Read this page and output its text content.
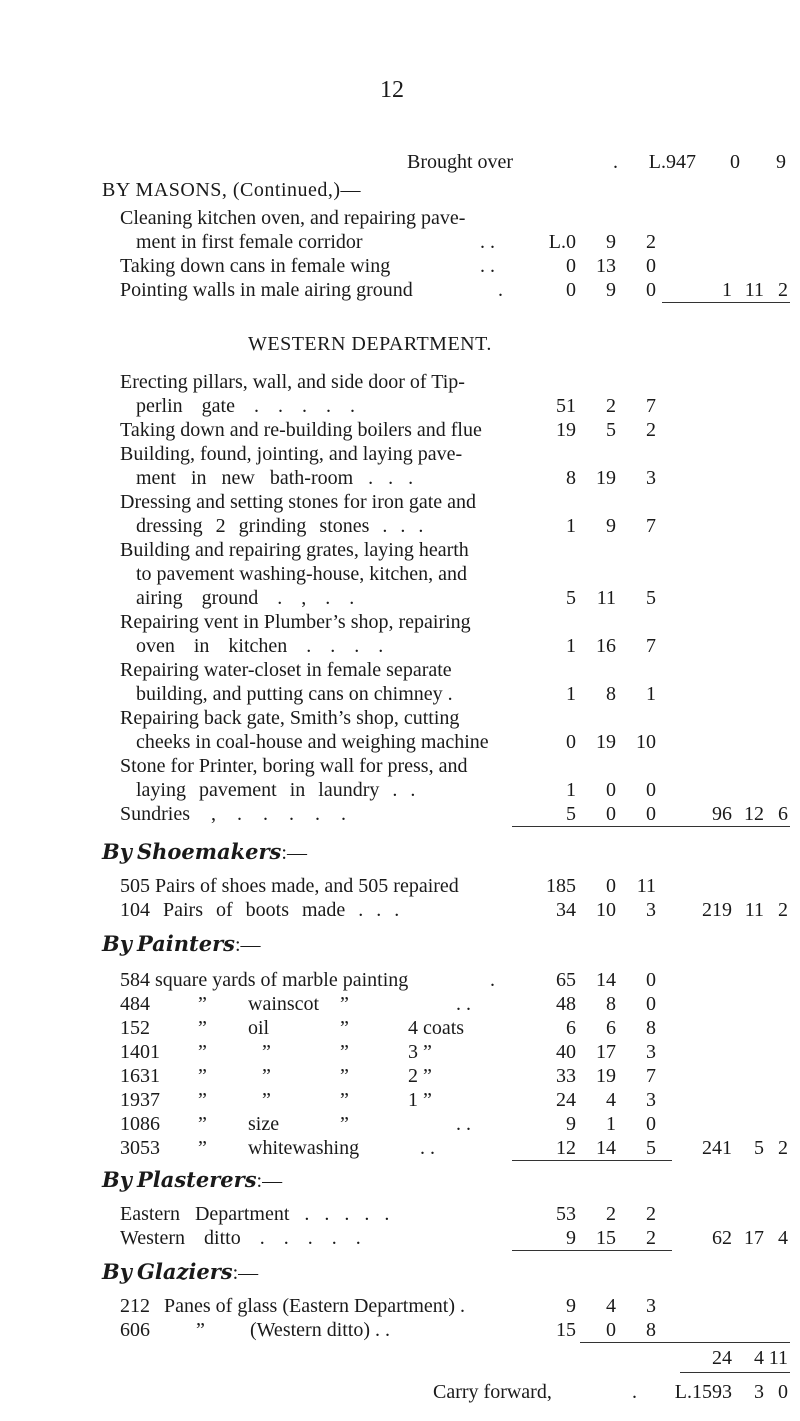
12
Brought over	.	L.947	0	9
BY MASONS, (Continued,)—
Cleaning kitchen oven, and repairing pave-
ment in first female corridor	. .	L.0	9	2
Taking down cans in female wing	. .	0	13	0
Pointing walls in male airing ground	.	0	9	0	1 11 2
WESTERN DEPARTMENT.
Erecting pillars, wall, and side door of Tip-
perlin gate . . . . .	51	2	7
Taking down and re-building boilers and flue	19	5	2
Building, found, jointing, and laying pave-
ment in new bath-room . . .	8	19	3
Dressing and setting stones for iron gate and
dressing 2 grinding stones . . .	1	9	7
Building and repairing grates, laying hearth
to pavement washing-house, kitchen, and
airing ground . , . .	5	11	5
Repairing vent in Plumber’s shop, repairing
oven in kitchen . . . .	1	16	7
Repairing water-closet in female separate
building, and putting cans on chimney .	1	8	1
Repairing back gate, Smith’s shop, cutting
cheeks in coal-house and weighing machine	0	19	10
Stone for Printer, boring wall for press, and
laying pavement in laundry . .	1	0	0
Sundries , . . . . .	5	0	0	96 12 6
By Shoemakers:—
505 Pairs of shoes made, and 505 repaired	185	0	11
104 Pairs of boots made . . .	34	10	3	219 11 2
By Painters:—
584 square yards of marble painting	.	65	14	0
484 ” wainscot ”	. .	48	8	0
152 ” oil	”	4 coats	6	6	8
1401 ”	”	”	3 ”	40	17	3
1631 ”	”	”	2 ”	33	19	7
1937 ”	”	”	1 ”	24	4	3
1086 ” size	”	. .	9	1	0
3053 ” whitewashing	. .	12	14	5	241	5 2
By Plasterers:—
Eastern Department . . . . .	53	2	2
Western ditto . . . . .	9	15	2	62 17 4
By Glaziers:—
212 Panes of glass (Eastern Department) .	9	4	3
606 ” (Western ditto) . .	15	0	8
24	4 11
Carry forward,	.	L.1593	3 0
